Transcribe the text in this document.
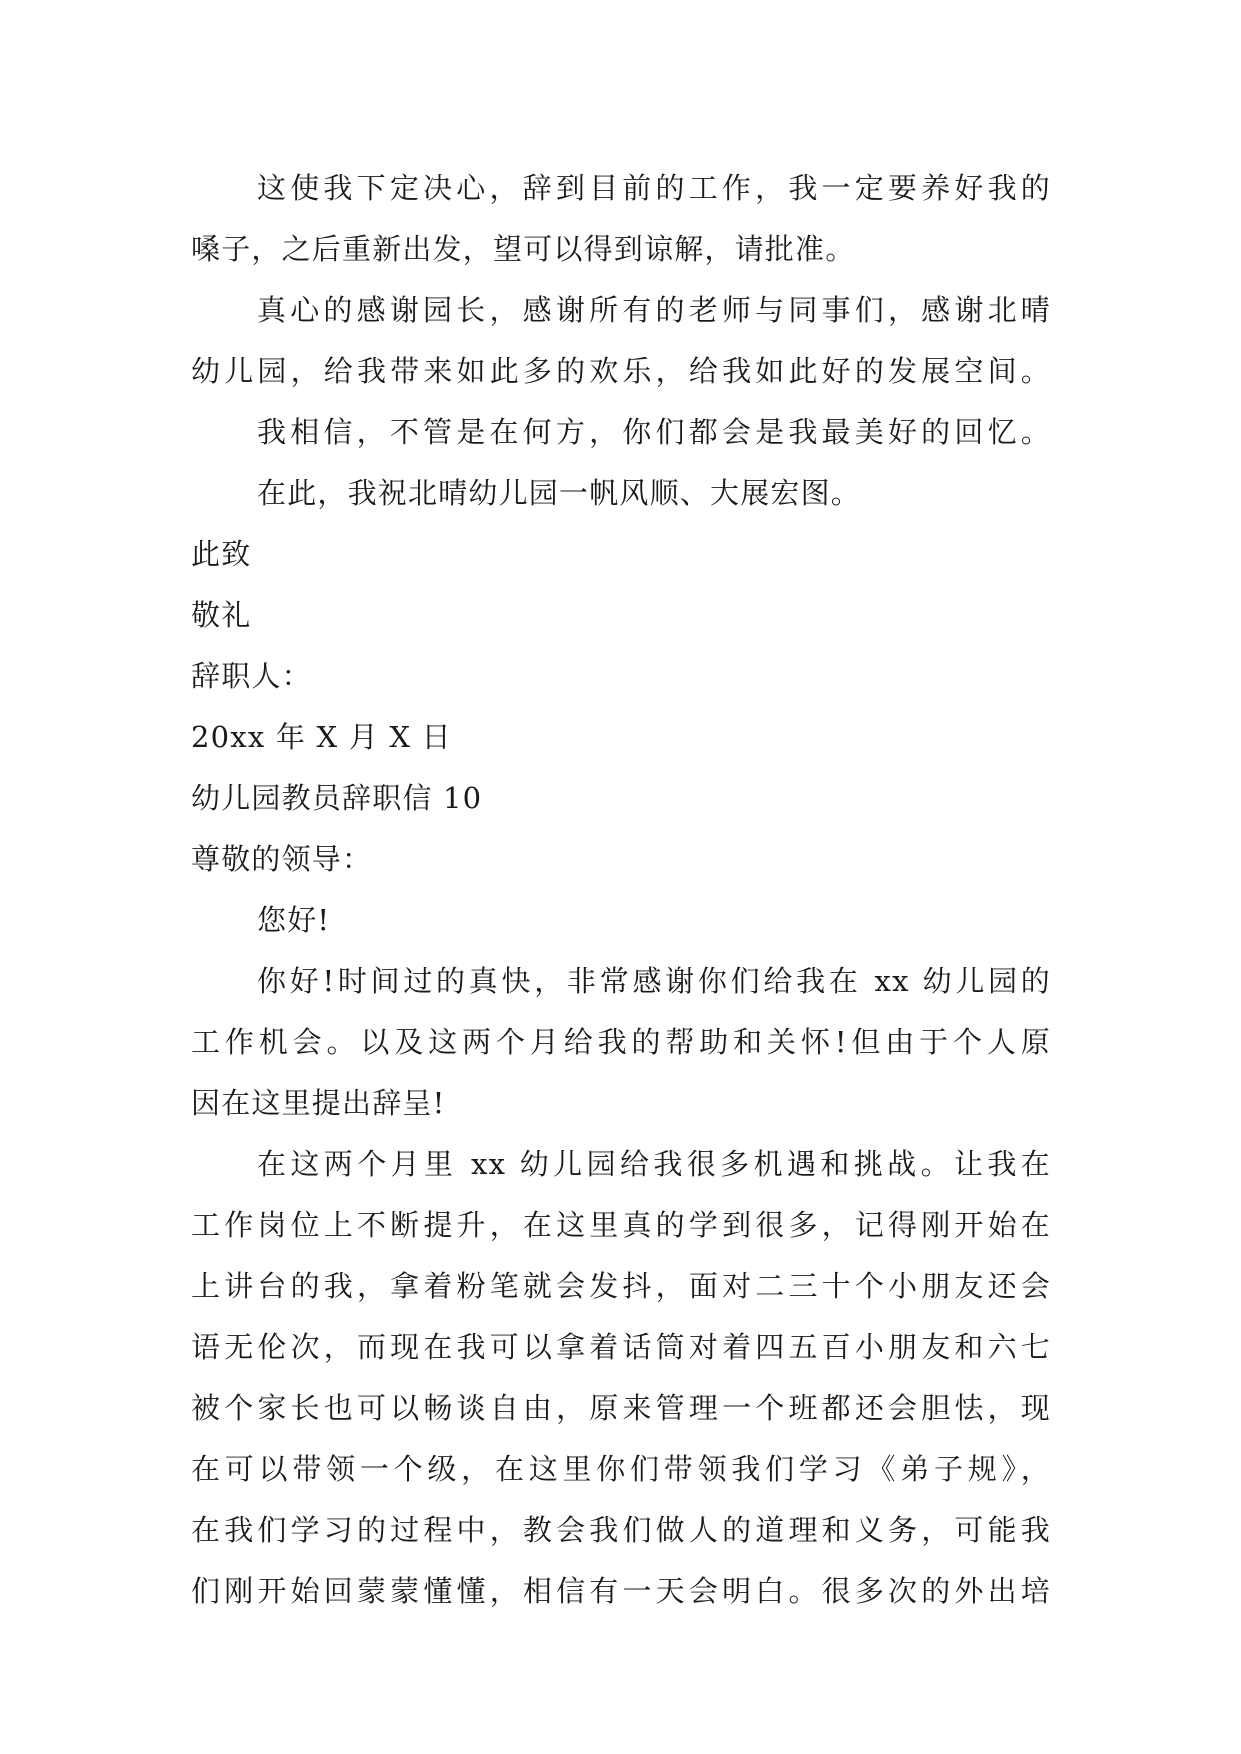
这使我下定决心，辞到目前的工作，我一定要养好我的
嗓子，之后重新出发，望可以得到谅解，请批准。
真心的感谢园长，感谢所有的老师与同事们，感谢北晴
幼儿园，给我带来如此多的欢乐，给我如此好的发展空间。
我相信，不管是在何方，你们都会是我最美好的回忆。
在此，我祝北晴幼儿园一帆风顺、大展宏图。
此致
敬礼
辞职人：
20xx 年 X 月 X 日
幼儿园教员辞职信 10
尊敬的领导：
您好!
你好!时间过的真快，非常感谢你们给我在 xx 幼儿园的
工作机会。以及这两个月给我的帮助和关怀!但由于个人原
因在这里提出辞呈!
在这两个月里 xx 幼儿园给我很多机遇和挑战。让我在
工作岗位上不断提升，在这里真的学到很多，记得刚开始在
上讲台的我，拿着粉笔就会发抖，面对二三十个小朋友还会
语无伦次，而现在我可以拿着话筒对着四五百小朋友和六七
被个家长也可以畅谈自由，原来管理一个班都还会胆怯，现
在可以带领一个级，在这里你们带领我们学习《弟子规》，
在我们学习的过程中，教会我们做人的道理和义务，可能我
们刚开始回蒙蒙懂懂，相信有一天会明白。很多次的外出培
